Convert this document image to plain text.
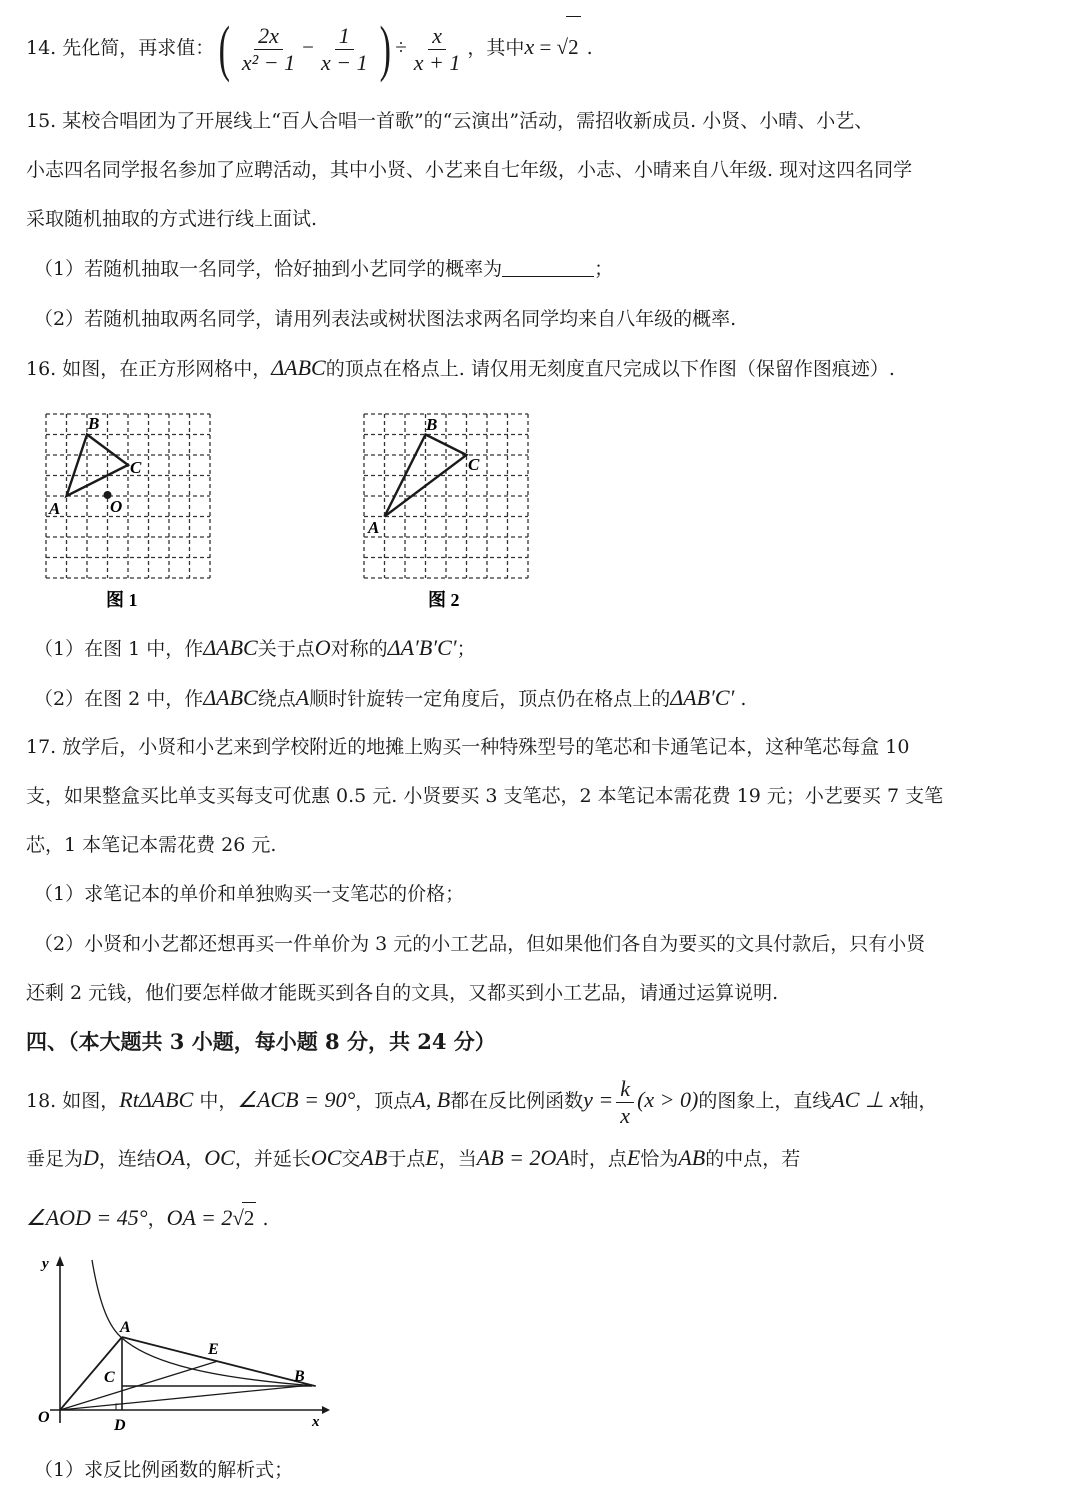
14. 先化简，再求值：( $\frac{2x}{\text{x² − 1}} - \frac{1}{x - 1}$ ) ÷ $\frac{x}{x + 1}$ ，其中x = √2 .
15. 某校合唱团为了开展线上“百人合唱一首歌”的“云演出”活动，需招收新成员. 小贤、小晴、小艺、
小志四名同学报名参加了应聘活动，其中小贤、小艺来自七年级，小志、小晴来自八年级. 现对这四名同学
采取随机抽取的方式进行线上面试.
（1）若随机抽取一名同学，恰好抽到小艺同学的概率为	；
（2）若随机抽取两名同学，请用列表法或树状图法求两名同学均来自八年级的概率.
16. 如图，在正方形网格中，ΔABC的顶点在格点上. 请仅用无刻度直尺完成以下作图（保留作图痕迹）.
B
C
A	O
图 1
B
C
A
图 2
（1）在图 1 中，作ΔABC关于点O对称的ΔA′B′C′；
（2）在图 2 中，作ΔABC绕点A顺时针旋转一定角度后，顶点仍在格点上的ΔAB′C′ .
17. 放学后，小贤和小艺来到学校附近的地摊上购买一种特殊型号的笔芯和卡通笔记本，这种笔芯每盒 10
支，如果整盒买比单支买每支可优惠 0.5 元. 小贤要买 3 支笔芯，2 本笔记本需花费 19 元；小艺要买 7 支笔
芯，1 本笔记本需花费 26 元.
（1）求笔记本的单价和单独购买一支笔芯的价格；
（2）小贤和小艺都还想再买一件单价为 3 元的小工艺品，但如果他们各自为要买的文具付款后，只有小贤
还剩 2 元钱，他们要怎样做才能既买到各自的文具，又都买到小工艺品，请通过运算说明.
四、（本大题共 3 小题，每小题 8 分，共 24 分）
18. 如图，RtΔABC 中，∠ACB = 90°，顶点A, B都在反比例函数$y = \frac{k}{x} (x > 0)$的图象上，直线AC ⊥ x轴，
垂足为D，连结OA，OC，并延长OC交AB于点E，当AB = 2OA时，点E恰为AB的中点，若
∠AOD = 45°，OA = 2√2 .
y
x
O
A
B
C
D
E
（1）求反比例函数的解析式；
